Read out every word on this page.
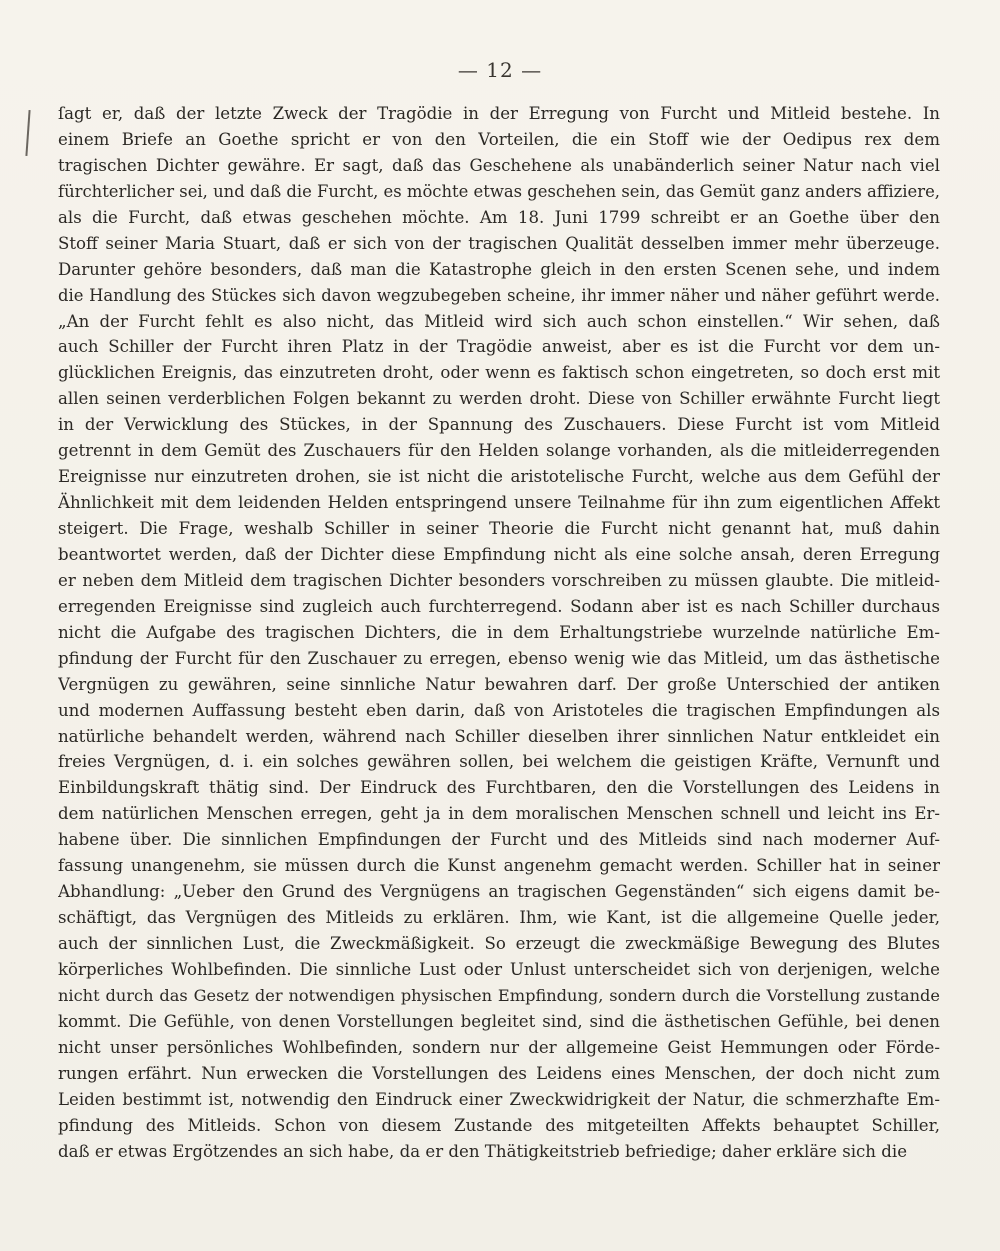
— 12 —
ſagt er, daß der letzte Zweck der Tragödie in der Erregung von Furcht und Mitleid bestehe. In
einem Briefe an Goethe spricht er von den Vorteilen, die ein Stoff wie der Oedipus rex dem
tragischen Dichter gewähre. Er sagt, daß das Geschehene als unabänderlich seiner Natur nach viel
fürchterlicher sei, und daß die Furcht, es möchte etwas geschehen sein, das Gemüt ganz anders affiziere,
als die Furcht, daß etwas geschehen möchte. Am 18. Juni 1799 schreibt er an Goethe über den
Stoff seiner Maria Stuart, daß er sich von der tragischen Qualität desselben immer mehr überzeuge.
Darunter gehöre besonders, daß man die Katastrophe gleich in den ersten Scenen sehe, und indem
die Handlung des Stückes sich davon wegzubegeben scheine, ihr immer näher und näher geführt werde.
„An der Furcht fehlt es also nicht, das Mitleid wird sich auch schon einstellen.“ Wir sehen, daß
auch Schiller der Furcht ihren Platz in der Tragödie anweist, aber es ist die Furcht vor dem un-
glücklichen Ereignis, das einzutreten droht, oder wenn es faktisch schon eingetreten, so doch erst mit
allen seinen verderblichen Folgen bekannt zu werden droht. Diese von Schiller erwähnte Furcht liegt
in der Verwicklung des Stückes, in der Spannung des Zuschauers. Diese Furcht ist vom Mitleid
getrennt in dem Gemüt des Zuschauers für den Helden solange vorhanden, als die mitleiderregenden
Ereignisse nur einzutreten drohen, sie ist nicht die aristotelische Furcht, welche aus dem Gefühl der
Ähnlichkeit mit dem leidenden Helden entspringend unsere Teilnahme für ihn zum eigentlichen Affekt
steigert. Die Frage, weshalb Schiller in seiner Theorie die Furcht nicht genannt hat, muß dahin
beantwortet werden, daß der Dichter diese Empfindung nicht als eine solche ansah, deren Erregung
er neben dem Mitleid dem tragischen Dichter besonders vorschreiben zu müssen glaubte. Die mitleid-
erregenden Ereignisse sind zugleich auch furchterregend. Sodann aber ist es nach Schiller durchaus
nicht die Aufgabe des tragischen Dichters, die in dem Erhaltungstriebe wurzelnde natürliche Em-
pfindung der Furcht für den Zuschauer zu erregen, ebenso wenig wie das Mitleid, um das ästhetische
Vergnügen zu gewähren, seine sinnliche Natur bewahren darf. Der große Unterschied der antiken
und modernen Auffassung besteht eben darin, daß von Aristoteles die tragischen Empfindungen als
natürliche behandelt werden, während nach Schiller dieselben ihrer sinnlichen Natur entkleidet ein
freies Vergnügen, d. i. ein solches gewähren sollen, bei welchem die geistigen Kräfte, Vernunft und
Einbildungskraft thätig sind. Der Eindruck des Furchtbaren, den die Vorstellungen des Leidens in
dem natürlichen Menschen erregen, geht ja in dem moralischen Menschen schnell und leicht ins Er-
habene über. Die sinnlichen Empfindungen der Furcht und des Mitleids sind nach moderner Auf-
fassung unangenehm, sie müssen durch die Kunst angenehm gemacht werden. Schiller hat in seiner
Abhandlung: „Ueber den Grund des Vergnügens an tragischen Gegenständen“ sich eigens damit be-
schäftigt, das Vergnügen des Mitleids zu erklären. Ihm, wie Kant, ist die allgemeine Quelle jeder,
auch der sinnlichen Lust, die Zweckmäßigkeit. So erzeugt die zweckmäßige Bewegung des Blutes
körperliches Wohlbefinden. Die sinnliche Lust oder Unlust unterscheidet sich von derjenigen, welche
nicht durch das Gesetz der notwendigen physischen Empfindung, sondern durch die Vorstellung zustande
kommt. Die Gefühle, von denen Vorstellungen begleitet sind, sind die ästhetischen Gefühle, bei denen
nicht unser persönliches Wohlbefinden, sondern nur der allgemeine Geist Hemmungen oder Förde-
rungen erfährt. Nun erwecken die Vorstellungen des Leidens eines Menschen, der doch nicht zum
Leiden bestimmt ist, notwendig den Eindruck einer Zweckwidrigkeit der Natur, die schmerzhafte Em-
pfindung des Mitleids. Schon von diesem Zustande des mitgeteilten Affekts behauptet Schiller,
daß er etwas Ergötzendes an sich habe, da er den Thätigkeitstrieb befriedige; daher erkläre sich die
